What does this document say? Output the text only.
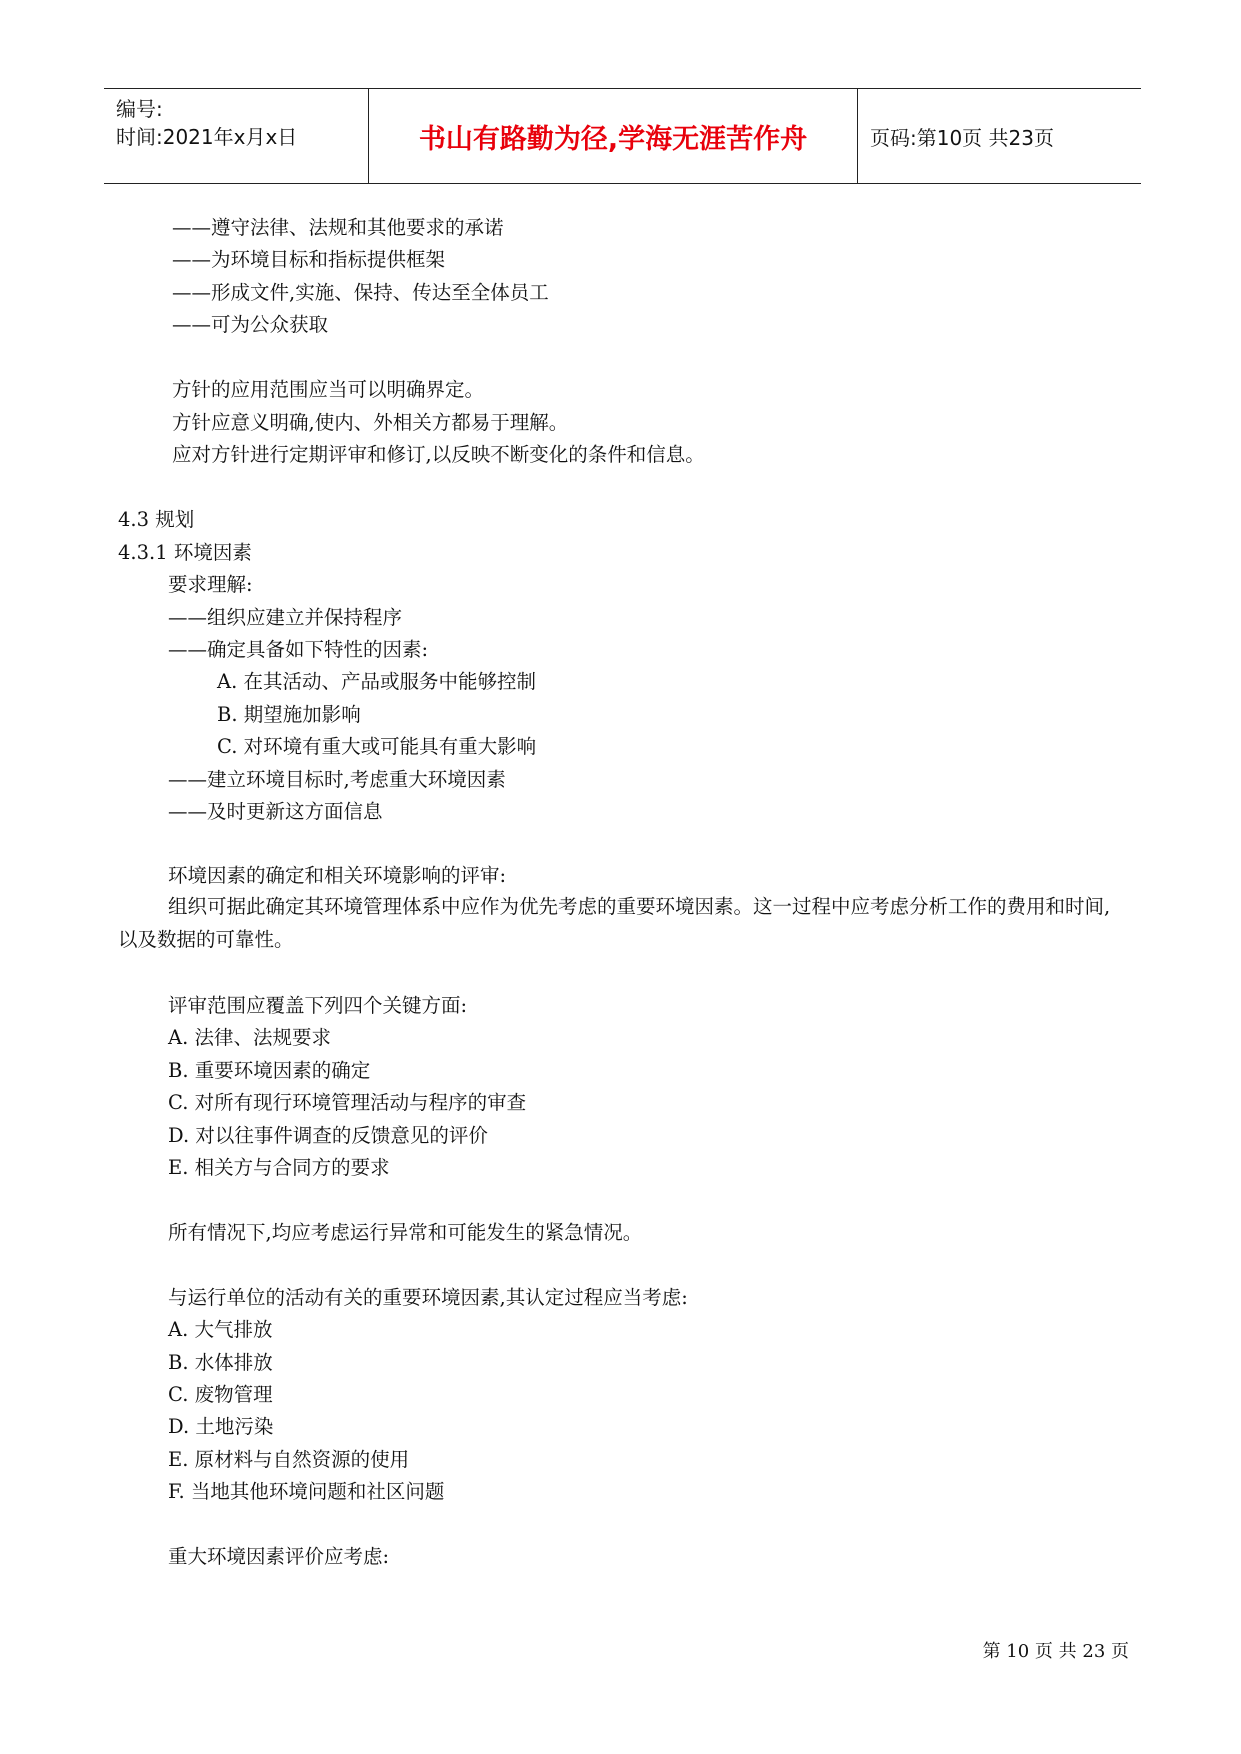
编号:
时间:2021年x月x日	书山有路勤为径,学海无涯苦作舟	页码:第10页 共23页
——遵守法律、法规和其他要求的承诺
——为环境目标和指标提供框架
——形成文件,实施、保持、传达至全体员工
——可为公众获取
方针的应用范围应当可以明确界定。
方针应意义明确,使内、外相关方都易于理解。
应对方针进行定期评审和修订,以反映不断变化的条件和信息。
4.3 规划
4.3.1 环境因素
要求理解:
——组织应建立并保持程序
——确定具备如下特性的因素:
A. 在其活动、产品或服务中能够控制
B. 期望施加影响
C. 对环境有重大或可能具有重大影响
——建立环境目标时,考虑重大环境因素
——及时更新这方面信息
环境因素的确定和相关环境影响的评审:
组织可据此确定其环境管理体系中应作为优先考虑的重要环境因素。这一过程中应考虑分析工作的费用和时间,以及数据的可靠性。
评审范围应覆盖下列四个关键方面:
A. 法律、法规要求
B. 重要环境因素的确定
C. 对所有现行环境管理活动与程序的审查
D. 对以往事件调查的反馈意见的评价
E. 相关方与合同方的要求
所有情况下,均应考虑运行异常和可能发生的紧急情况。
与运行单位的活动有关的重要环境因素,其认定过程应当考虑:
A. 大气排放
B. 水体排放
C. 废物管理
D. 土地污染
E. 原材料与自然资源的使用
F. 当地其他环境问题和社区问题
重大环境因素评价应考虑:
第 10 页 共 23 页
